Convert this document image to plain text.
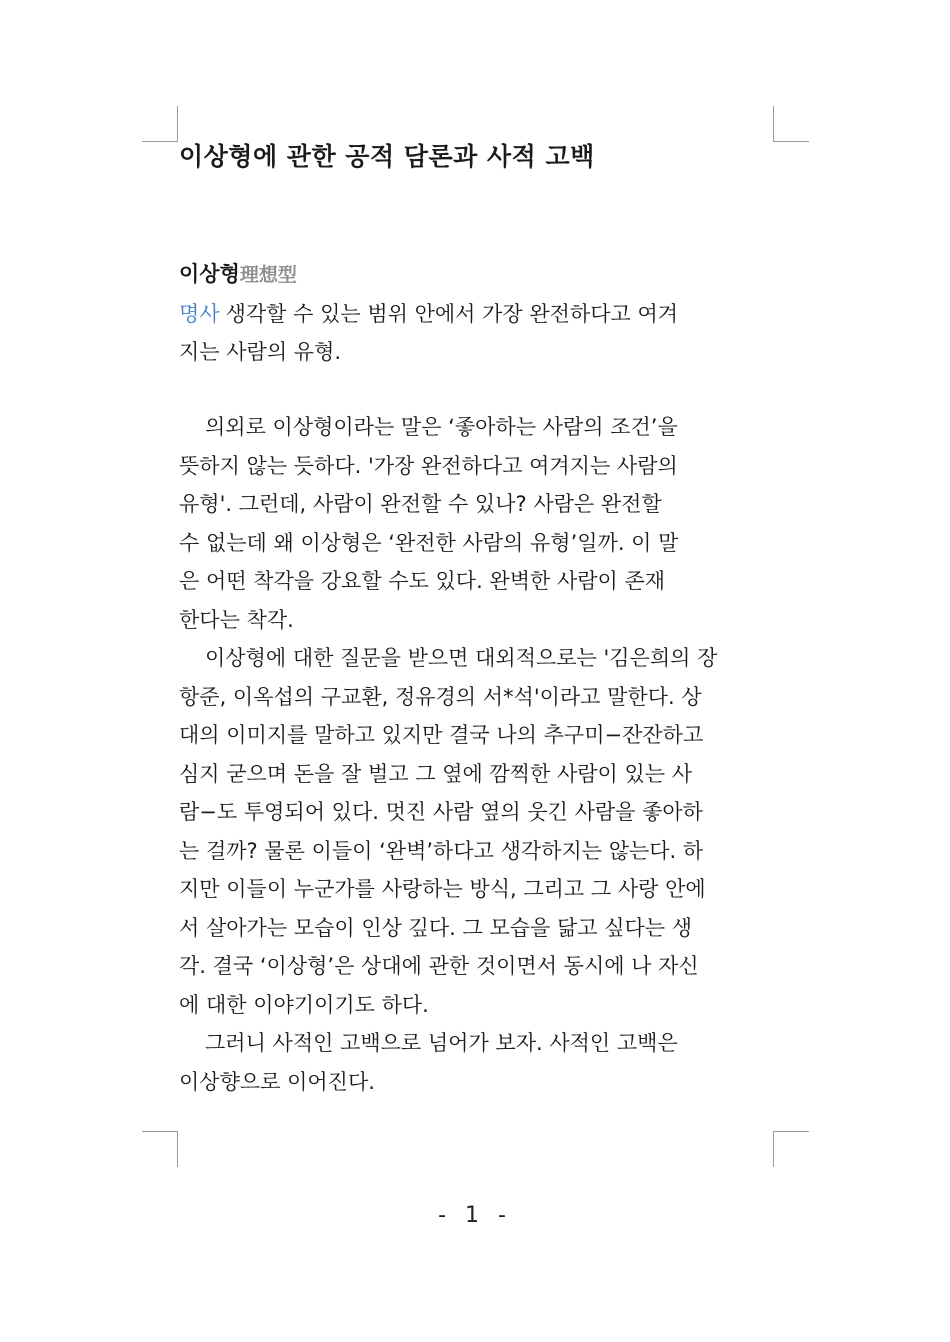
이상형에 관한 공적 담론과 사적 고백
이상형理想型
명사 생각할 수 있는 범위 안에서 가장 완전하다고 여겨
지는 사람의 유형.

의외로 이상형이라는 말은 ‘좋아하는 사람의 조건’을
뜻하지 않는 듯하다. '가장 완전하다고 여겨지는 사람의
유형'. 그런데, 사람이 완전할 수 있나? 사람은 완전할
수 없는데 왜 이상형은 ‘완전한 사람의 유형’일까. 이 말
은 어떤 착각을 강요할 수도 있다. 완벽한 사람이 존재
한다는 착각.

이상형에 대한 질문을 받으면 대외적으로는 '김은희의 장
항준, 이옥섭의 구교환, 정유경의 서*석'이라고 말한다. 상
대의 이미지를 말하고 있지만 결국 나의 추구미−잔잔하고
심지 굳으며 돈을 잘 벌고 그 옆에 깜찍한 사람이 있는 사
람−도 투영되어 있다. 멋진 사람 옆의 웃긴 사람을 좋아하
는 걸까? 물론 이들이 ‘완벽’하다고 생각하지는 않는다. 하
지만 이들이 누군가를 사랑하는 방식, 그리고 그 사랑 안에
서 살아가는 모습이 인상 깊다. 그 모습을 닮고 싶다는 생
각. 결국 ‘이상형’은 상대에 관한 것이면서 동시에 나 자신
에 대한 이야기이기도 하다.

그러니 사적인 고백으로 넘어가 보자. 사적인 고백은
이상향으로 이어진다.

- 1 -
